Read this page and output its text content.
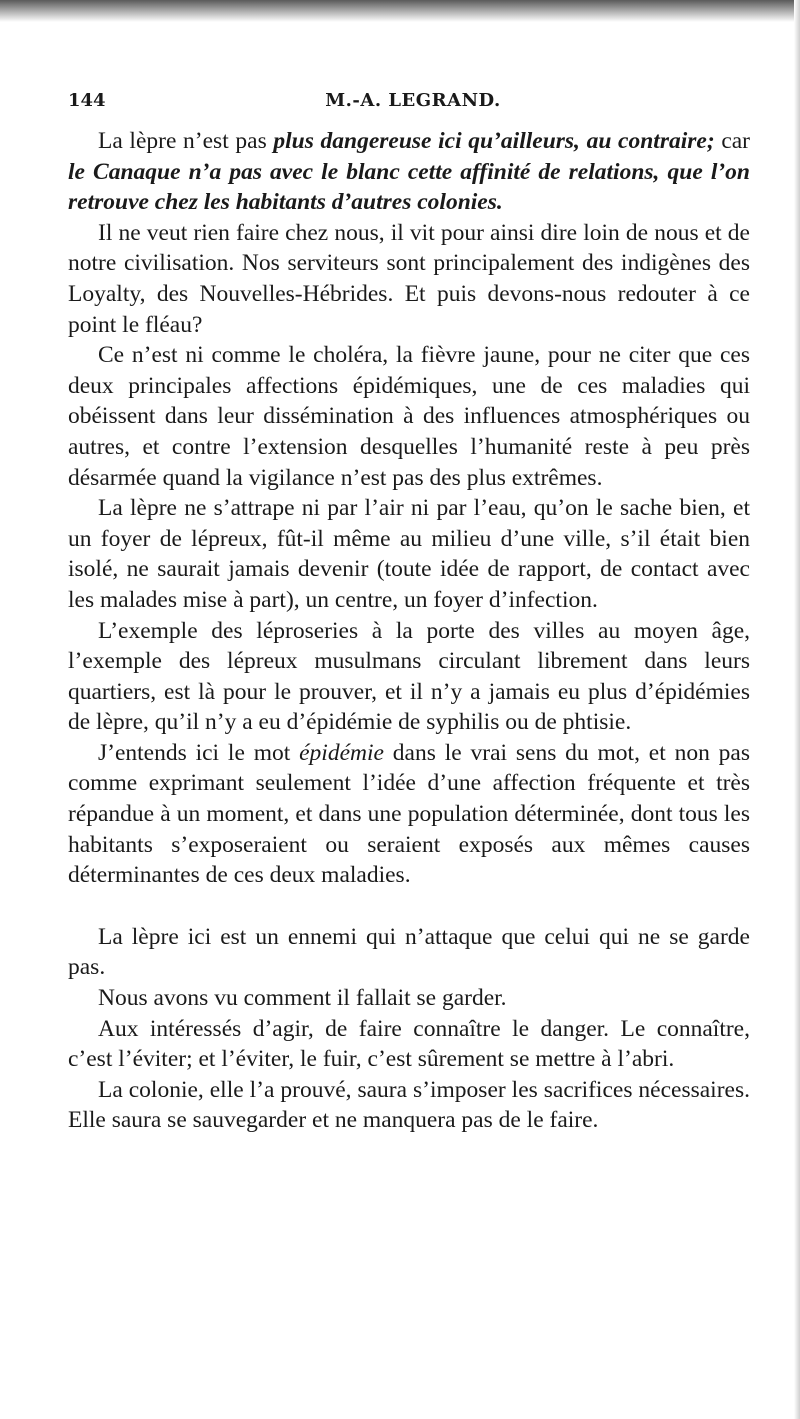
144	M.-A. LEGRAND.

La lèpre n’est pas plus dangereuse ici qu’ailleurs, au contraire; car le Canaque n’a pas avec le blanc cette affinité de relations, que l’on retrouve chez les habitants d’autres colonies.

Il ne veut rien faire chez nous, il vit pour ainsi dire loin de nous et de notre civilisation. Nos serviteurs sont principalement des indigènes des Loyalty, des Nouvelles-Hébrides. Et puis devons-nous redouter à ce point le fléau?

Ce n’est ni comme le choléra, la fièvre jaune, pour ne citer que ces deux principales affections épidémiques, une de ces maladies qui obéissent dans leur dissémination à des influences atmosphériques ou autres, et contre l’extension desquelles l’humanité reste à peu près désarmée quand la vigilance n’est pas des plus extrêmes.

La lèpre ne s’attrape ni par l’air ni par l’eau, qu’on le sache bien, et un foyer de lépreux, fût-il même au milieu d’une ville, s’il était bien isolé, ne saurait jamais devenir (toute idée de rapport, de contact avec les malades mise à part), un centre, un foyer d’infection.

L’exemple des léproseries à la porte des villes au moyen âge, l’exemple des lépreux musulmans circulant librement dans leurs quartiers, est là pour le prouver, et il n’y a jamais eu plus d’épidémies de lèpre, qu’il n’y a eu d’épidémie de syphilis ou de phtisie.

J’entends ici le mot épidémie dans le vrai sens du mot, et non pas comme exprimant seulement l’idée d’une affection fréquente et très répandue à un moment, et dans une population déterminée, dont tous les habitants s’exposeraient ou seraient exposés aux mêmes causes déterminantes de ces deux maladies.

La lèpre ici est un ennemi qui n’attaque que celui qui ne se garde pas.

Nous avons vu comment il fallait se garder.

Aux intéressés d’agir, de faire connaître le danger. Le connaître, c’est l’éviter; et l’éviter, le fuir, c’est sûrement se mettre à l’abri.

La colonie, elle l’a prouvé, saura s’imposer les sacrifices nécessaires. Elle saura se sauvegarder et ne manquera pas de le faire.
